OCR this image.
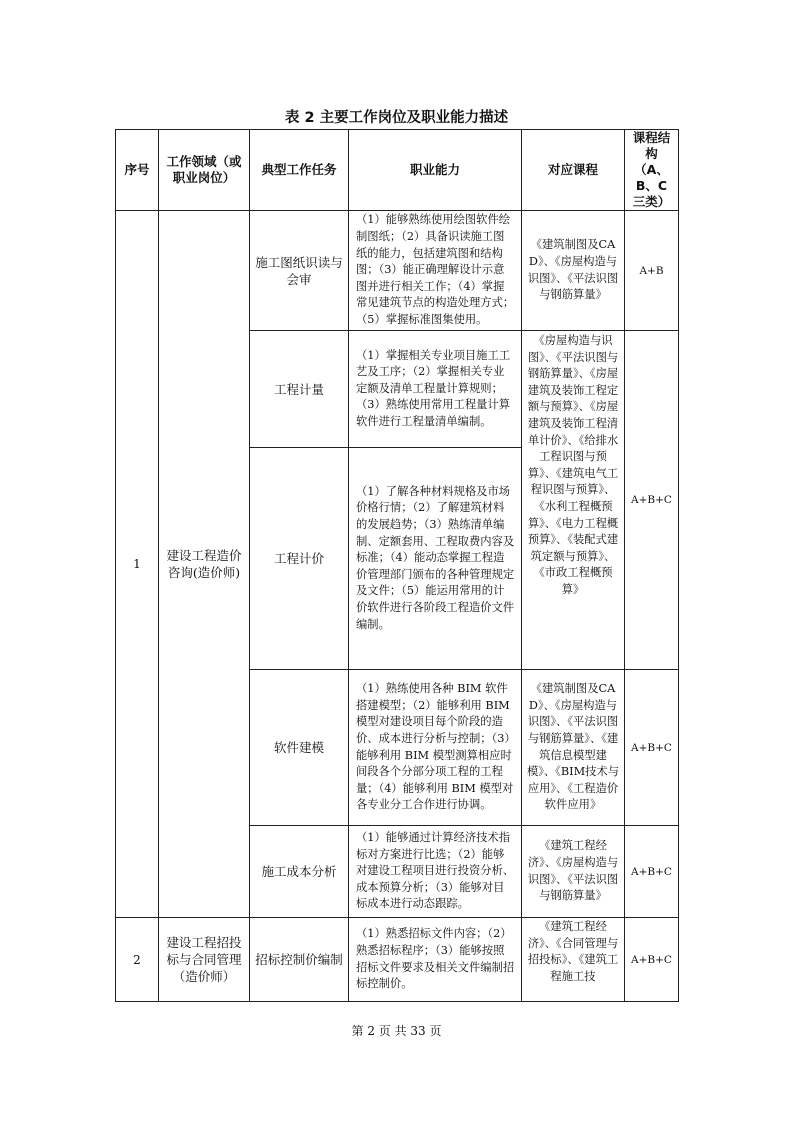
表 2 主要工作岗位及职业能力描述
序号	工作领域（或职业岗位）	典型工作任务	职业能力	对应课程	课程结构（A、B、C 三类）
1	建设工程造价咨询(造价师)	施工图纸识读与会审	（1）能够熟练使用绘图软件绘制图纸；（2）具备识读施工图纸的能力，包括建筑图和结构图；（3）能正确理解设计示意图并进行相关工作；（4）掌握常见建筑节点的构造处理方式；（5）掌握标准图集使用。	《建筑制图及CAD》、《房屋构造与识图》、《平法识图与钢筋算量》	A+B
		工程计量	（1）掌握相关专业项目施工工艺及工序；（2）掌握相关专业定额及清单工程量计算规则；（3）熟练使用常用工程量计算软件进行工程量清单编制。	《房屋构造与识图》、《平法识图与钢筋算量》、《房屋建筑及装饰工程定额与预算》、《房屋建筑及装饰工程清单计价》、《给排水工程识图与预算》、《建筑电气工程识图与预算》、《水利工程概预算》、《电力工程概预算》、《装配式建筑定额与预算》、《市政工程概预算》	A+B+C
		工程计价	（1）了解各种材料规格及市场价格行情；（2）了解建筑材料的发展趋势；（3）熟练清单编制、定额套用、工程取费内容及标准；（4）能动态掌握工程造价管理部门颁布的各种管理规定及文件；（5）能运用常用的计价软件进行各阶段工程造价文件编制。		
		软件建模	（1）熟练使用各种 BIM 软件搭建模型；（2）能够利用 BIM 模型对建设项目每个阶段的造价、成本进行分析与控制；（3）能够利用 BIM 模型测算相应时间段各个分部分项工程的工程量；（4）能够利用 BIM 模型对各专业分工合作进行协调。	《建筑制图及CAD》、《房屋构造与识图》、《平法识图与钢筋算量》、《建筑信息模型建模》、《BIM技术与应用》、《工程造价软件应用》	A+B+C
		施工成本分析	（1）能够通过计算经济技术指标对方案进行比选；（2）能够对建设工程项目进行投资分析、成本预算分析；（3）能够对目标成本进行动态跟踪。	《建筑工程经济》、《房屋构造与识图》、《平法识图与钢筋算量》	A+B+C
2	建设工程招投标与合同管理（造价师）	招标控制价编制	（1）熟悉招标文件内容；（2）熟悉招标程序；（3）能够按照招标文件要求及相关文件编制招标控制价。	《建筑工程经济》、《合同管理与招投标》、《建筑工程施工技	A+B+C
第 2 页 共 33 页
